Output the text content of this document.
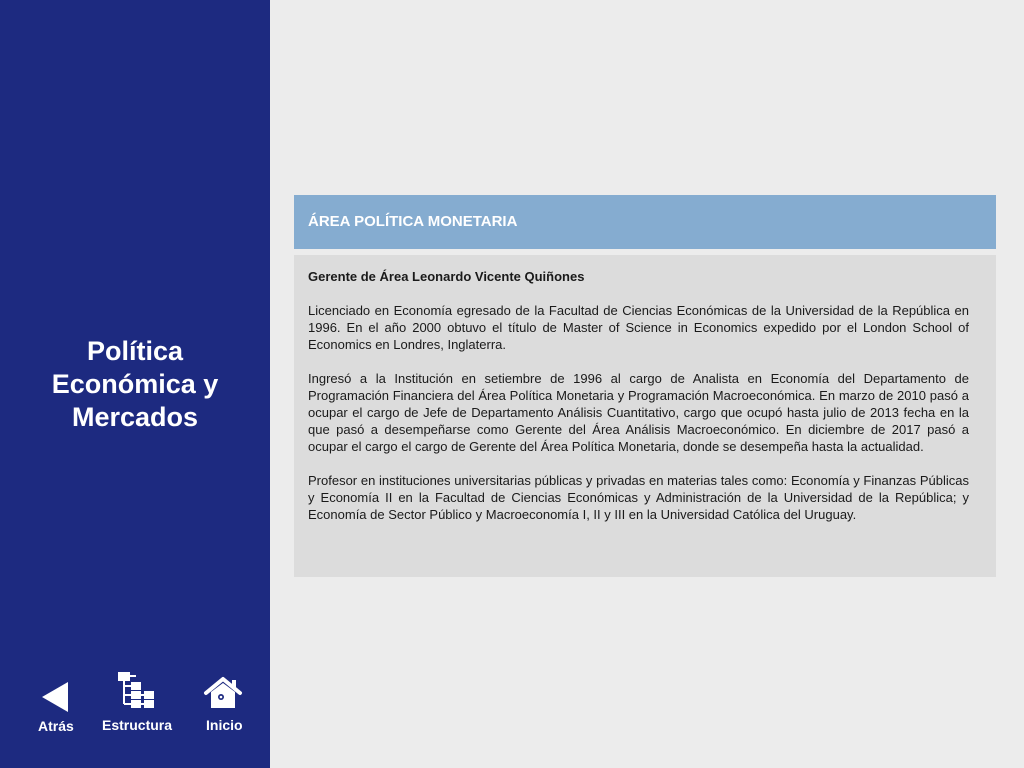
Política
Económica y
Mercados
Atrás Estructura Inicio
ÁREA POLÍTICA MONETARIA

Gerente de Área Leonardo Vicente Quiñones

Licenciado en Economía egresado de la Facultad de Ciencias Económicas de la Universidad de la República en 1996. En el año 2000 obtuvo el título de Master of Science in Economics expedido por el London School of Economics en Londres, Inglaterra.

Ingresó a la Institución en setiembre de 1996 al cargo de Analista en Economía del Departamento de Programación Financiera del Área Política Monetaria y Programación Macroeconómica. En marzo de 2010 pasó a ocupar el cargo de Jefe de Departamento Análisis Cuantitativo, cargo que ocupó hasta julio de 2013 fecha en la que pasó a desempeñarse como Gerente del Área Análisis Macroeconómico. En diciembre de 2017 pasó a ocupar el cargo el cargo de Gerente del Área Política Monetaria, donde se desempeña hasta la actualidad.

Profesor en instituciones universitarias públicas y privadas en materias tales como: Economía y Finanzas Públicas y Economía II en la Facultad de Ciencias Económicas y Administración de la Universidad de la República; y Economía de Sector Público y Macroeconomía I, II y III en la Universidad Católica del Uruguay.
